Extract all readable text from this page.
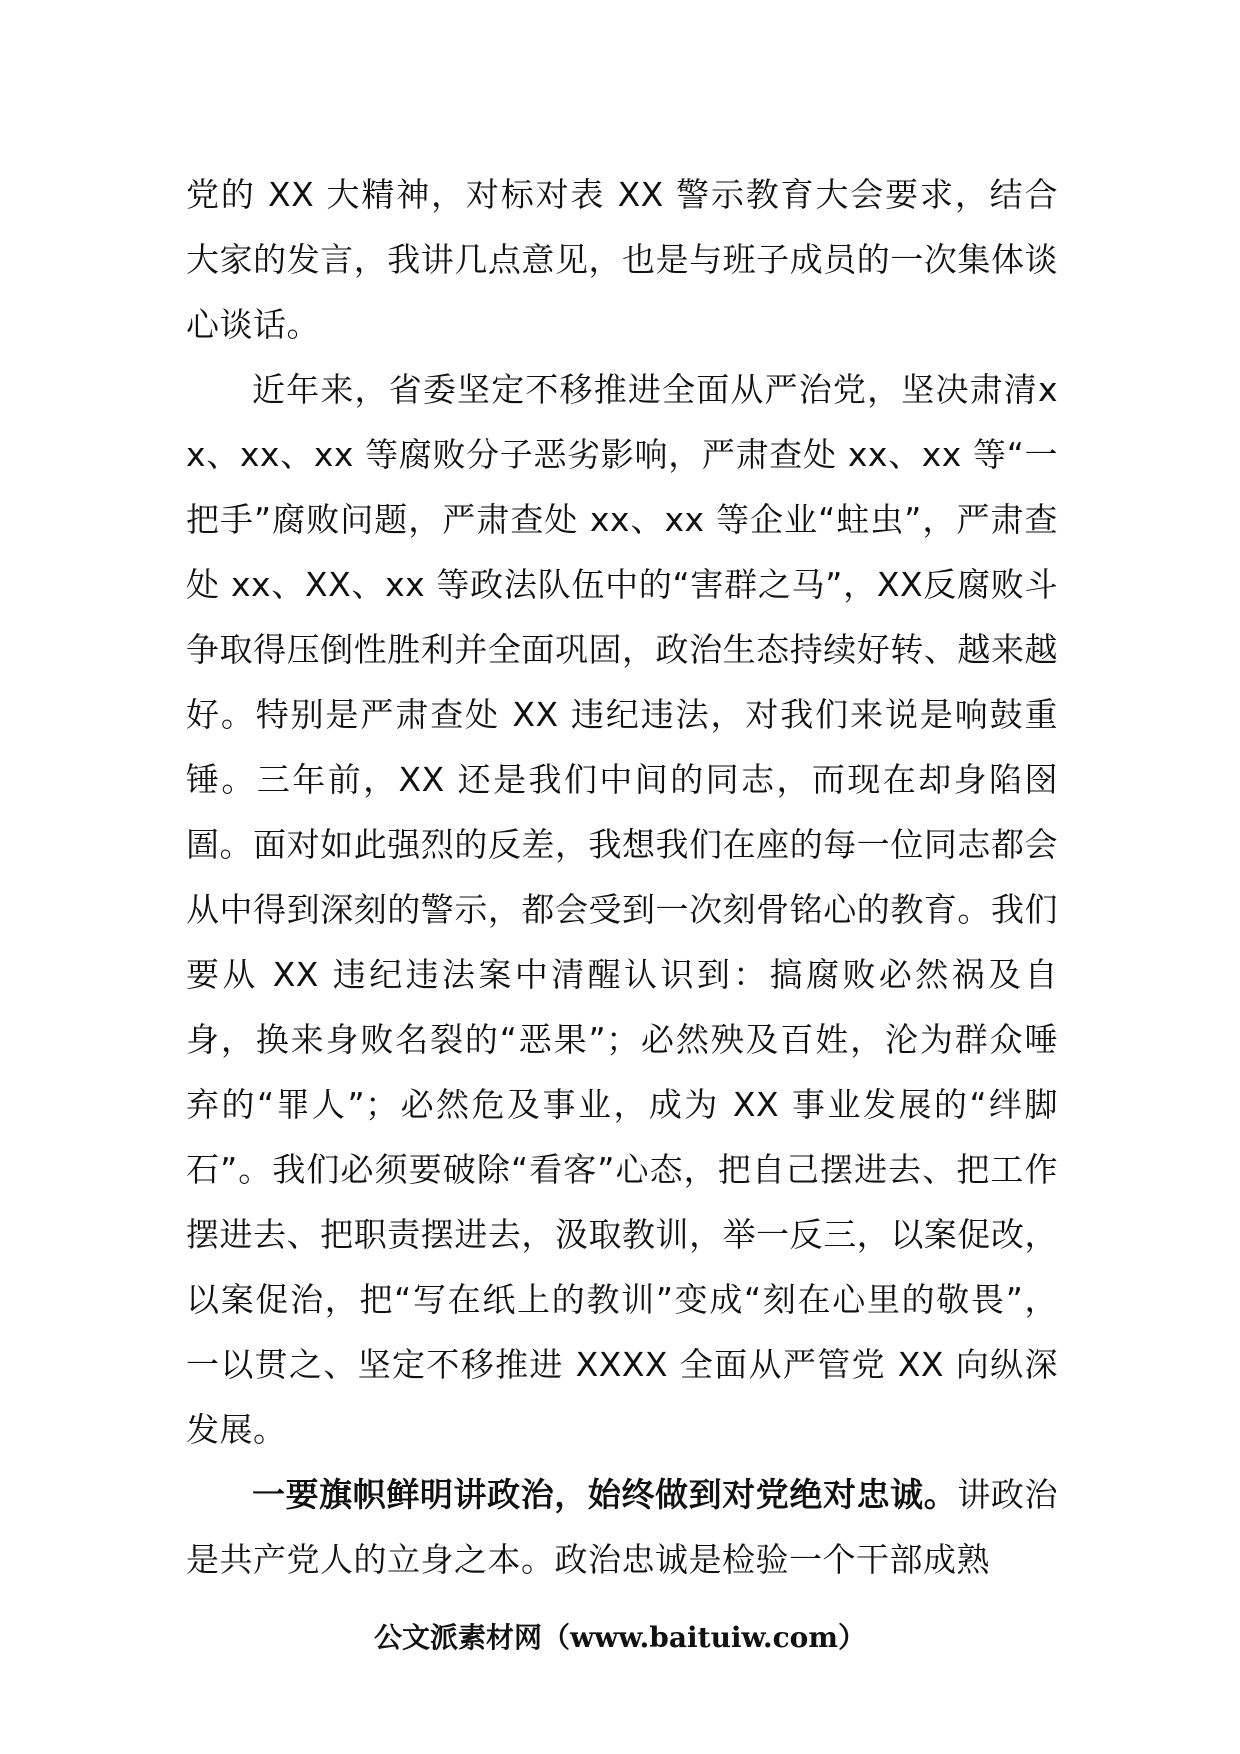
党的 XX 大精神，对标对表 XX 警示教育大会要求，结合大家的发言，我讲几点意见，也是与班子成员的一次集体谈心谈话。

近年来，省委坚定不移推进全面从严治党，坚决肃清xx、xx、xx 等腐败分子恶劣影响，严肃查处 xx、xx 等“一把手”腐败问题，严肃查处 xx、xx 等企业“蛀虫”，严肃查处 xx、XX、xx 等政法队伍中的“害群之马”，XX反腐败斗争取得压倒性胜利并全面巩固，政治生态持续好转、越来越好。特别是严肃查处 XX 违纪违法，对我们来说是响鼓重锤。三年前，XX 还是我们中间的同志，而现在却身陷囹圄。面对如此强烈的反差，我想我们在座的每一位同志都会从中得到深刻的警示，都会受到一次刻骨铭心的教育。我们要从 XX 违纪违法案中清醒认识到：搞腐败必然祸及自身，换来身败名裂的“恶果”；必然殃及百姓，沦为群众唾弃的“罪人”；必然危及事业，成为 XX 事业发展的“绊脚石”。我们必须要破除“看客”心态，把自己摆进去、把工作摆进去、把职责摆进去，汲取教训，举一反三，以案促改，以案促治，把“写在纸上的教训”变成“刻在心里的敬畏”，一以贯之、坚定不移推进 XXXX 全面从严管党 XX 向纵深发展。

一要旗帜鲜明讲政治，始终做到对党绝对忠诚。讲政治是共产党人的立身之本。政治忠诚是检验一个干部成熟

公文派素材网（www.baituiw.com）
